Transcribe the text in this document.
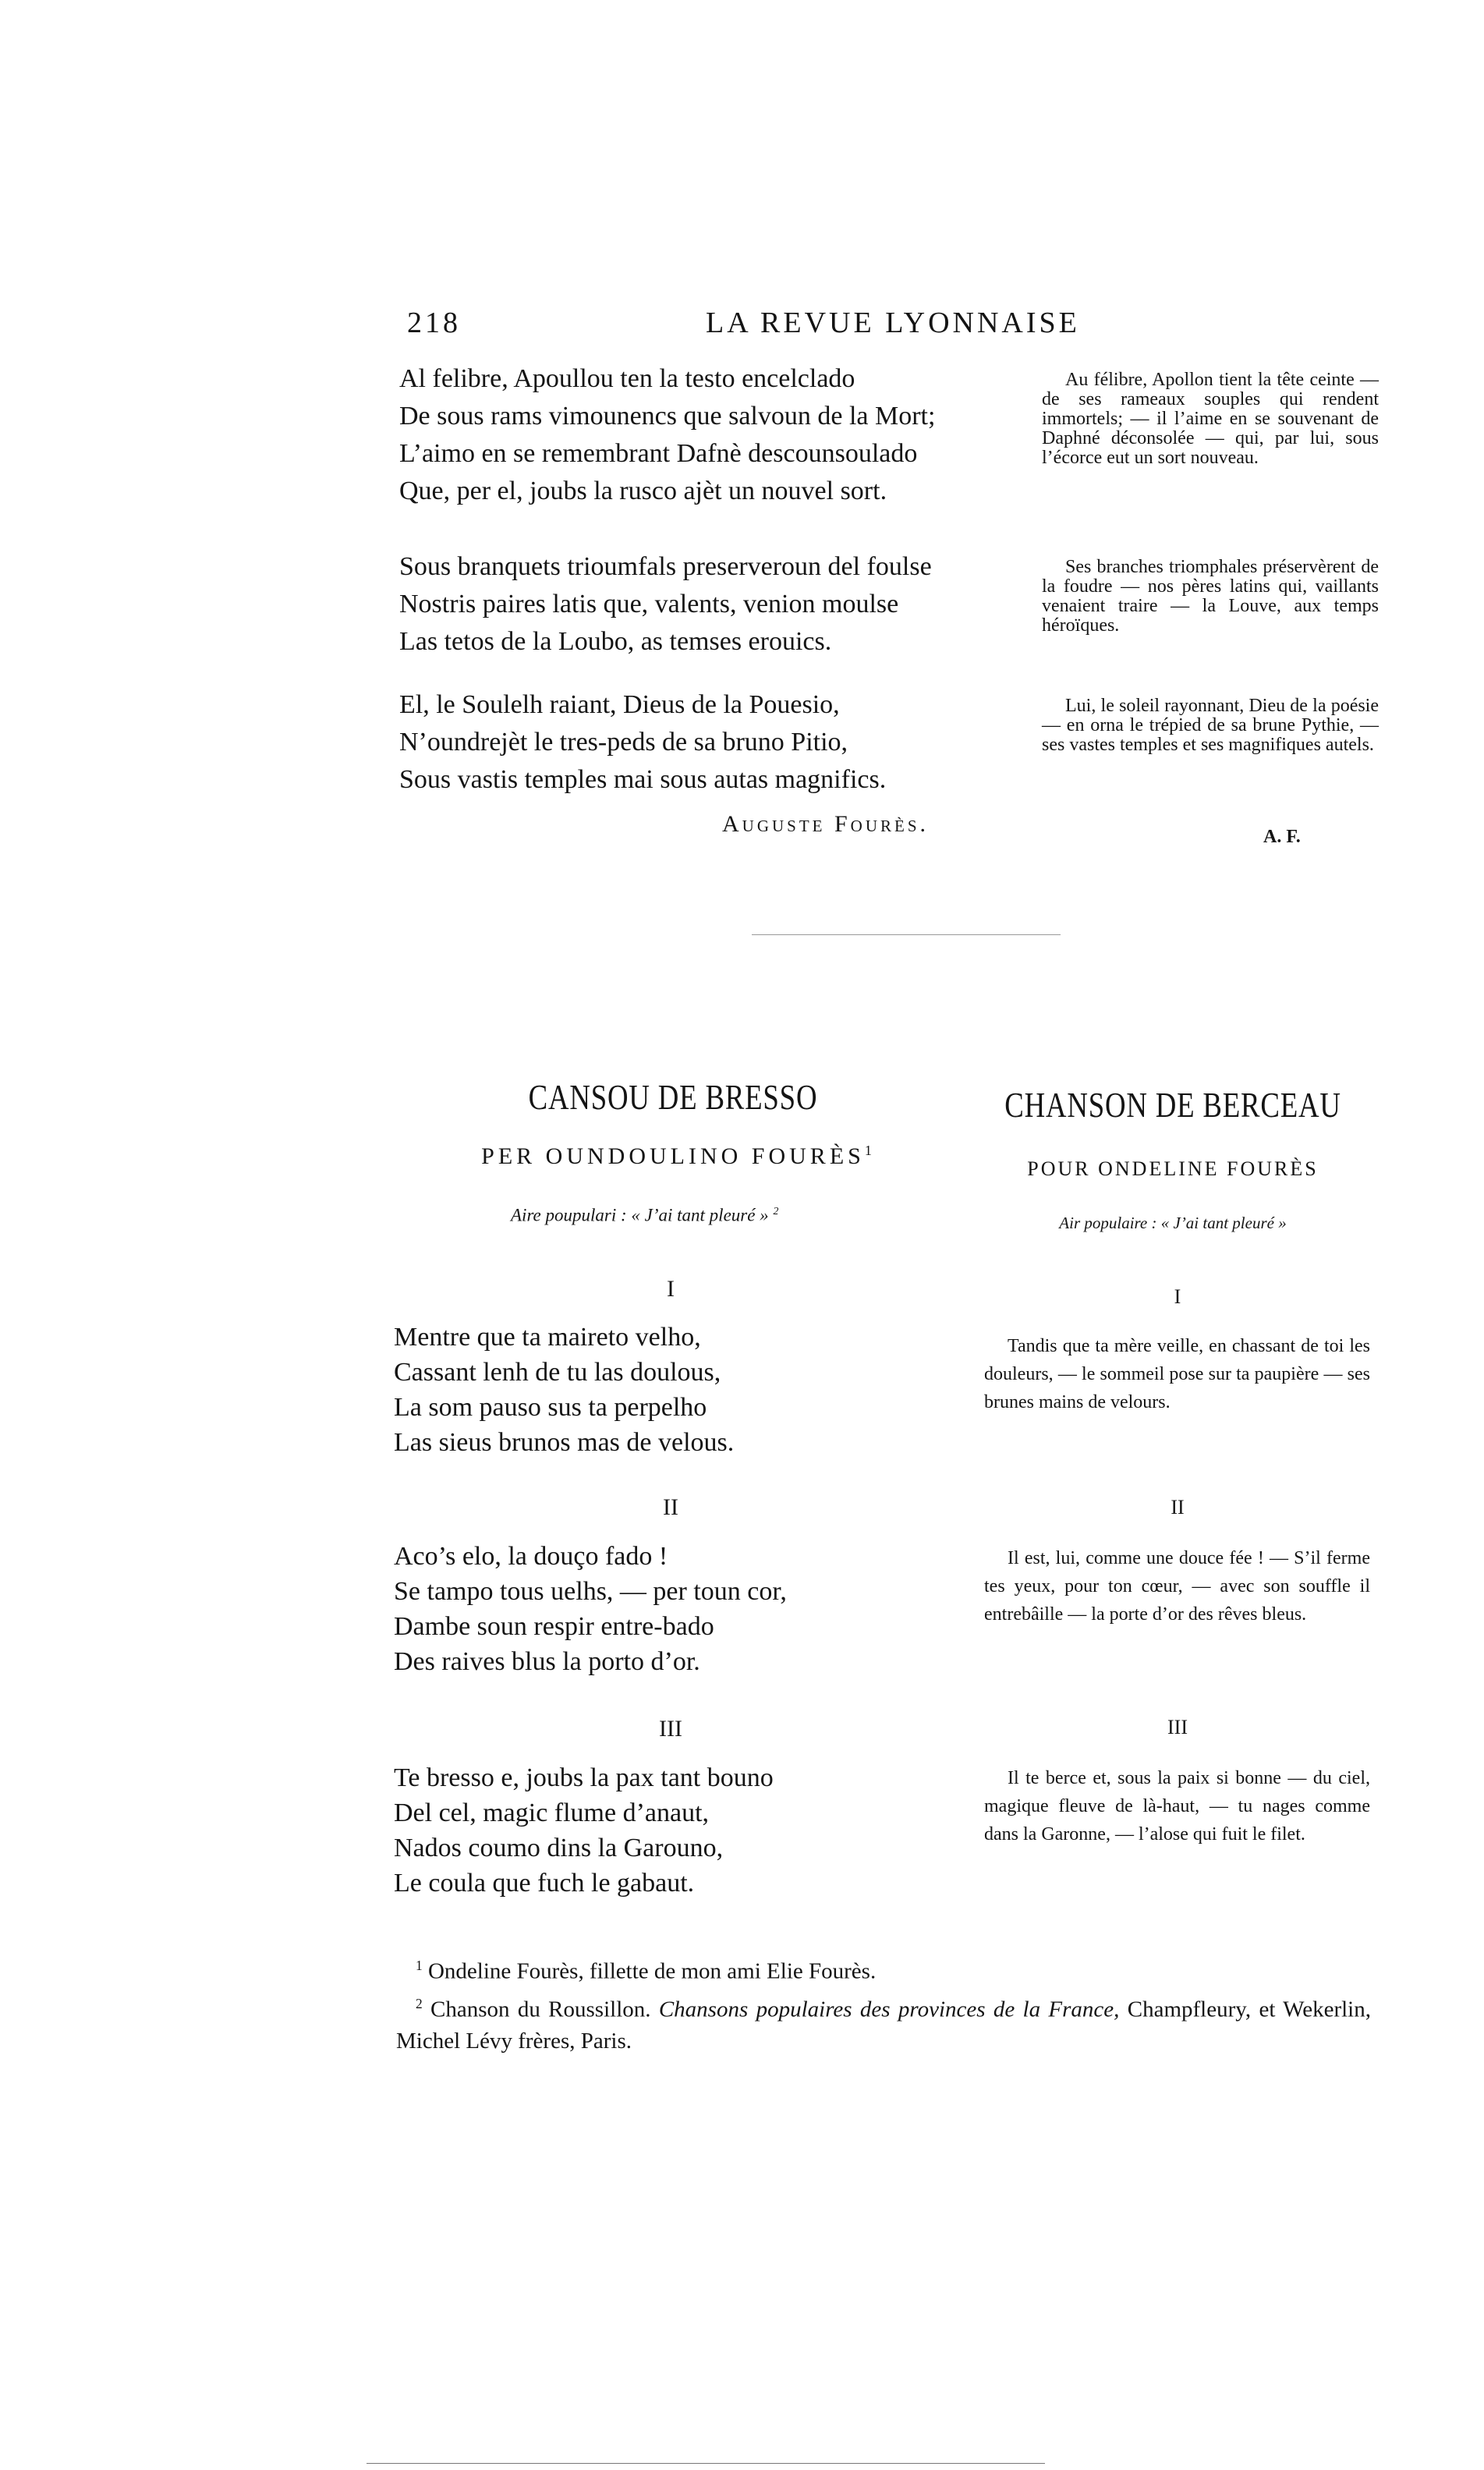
218	LA REVUE LYONNAISE
Al felibre, Apoullou ten la testo encelclado
De sous rams vimounencs que salvoun de la Mort;
L’aimo en se remembrant Dafnè descounsoulado
Que, per el, joubs la rusco ajèt un nouvel sort.
Sous branquets trioumfals preserveroun del foulse
Nostris paires latis que, valents, venion moulse
Las tetos de la Loubo, as temses erouics.
El, le Soulelh raiant, Dieus de la Pouesio,
N’oundrejèt le tres-peds de sa bruno Pitio,
Sous vastis temples mai sous autas magnifics.
Auguste Fourès.
Au félibre, Apollon tient la tête ceinte — de ses rameaux souples qui rendent immortels; — il l’aime en se souvenant de Daphné déconsolée — qui, par lui, sous l’écorce eut un sort nouveau.
Ses branches triomphales préservèrent de la foudre — nos pères latins qui, vaillants venaient traire — la Louve, aux temps héroïques.
Lui, le soleil rayonnant, Dieu de la poésie — en orna le trépied de sa brune Pythie, — ses vastes temples et ses magnifiques autels.
A. F.
CANSOU DE BRESSO
PER OUNDOULINO FOURÈS$^1$
Aire poupulari : « J’ai tant pleuré » $^2$
CHANSON DE BERCEAU
POUR ONDELINE FOURÈS
Air populaire : « J’ai tant pleuré »
I
Mentre que ta maireto velho,
Cassant lenh de tu las doulous,
La som pauso sus ta perpelho
Las sieus brunos mas de velous.
II
Aco’s elo, la douço fado !
Se tampo tous uelhs, — per toun cor,
Dambe soun respir entre-bado
Des raives blus la porto d’or.
III
Te bresso e, joubs la pax tant bouno
Del cel, magic flume d’anaut,
Nados coumo dins la Garouno,
Le coula que fuch le gabaut.
I
Tandis que ta mère veille, en chassant de toi les douleurs, — le sommeil pose sur ta paupière — ses brunes mains de velours.
II
Il est, lui, comme une douce fée ! — S’il ferme tes yeux, pour ton cœur, — avec son souffle il entrebâille — la porte d’or des rêves bleus.
III
Il te berce et, sous la paix si bonne — du ciel, magique fleuve de là-haut, — tu nages comme dans la Garonne, — l’alose qui fuit le filet.
$^1$ Ondeline Fourès, fillette de mon ami Elie Fourès.
$^2$ Chanson du Roussillon. Chansons populaires des provinces de la France, Champfleury, et Wekerlin, Michel Lévy frères, Paris.
